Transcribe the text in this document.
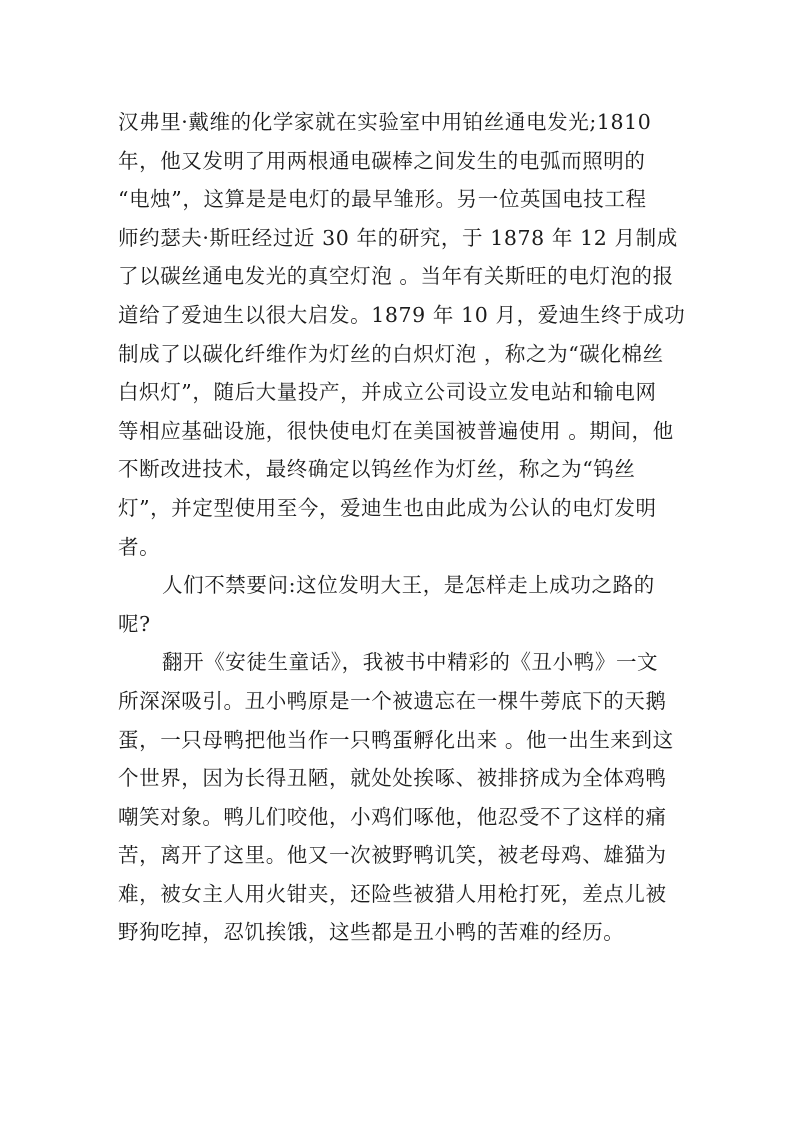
汉弗里·戴维的化学家就在实验室中用铂丝通电发光;1810
年，他又发明了用两根通电碳棒之间发生的电弧而照明的
“电烛”，这算是是电灯的最早雏形。另一位英国电技工程
师约瑟夫·斯旺经过近 30 年的研究，于 1878 年 12 月制成
了以碳丝通电发光的真空灯泡 。当年有关斯旺的电灯泡的报
道给了爱迪生以很大启发。1879 年 10 月，爱迪生终于成功
制成了以碳化纤维作为灯丝的白炽灯泡 ，称之为“碳化棉丝
白炽灯”，随后大量投产，并成立公司设立发电站和输电网
等相应基础设施，很快使电灯在美国被普遍使用 。期间，他
不断改进技术，最终确定以钨丝作为灯丝，称之为“钨丝
灯”，并定型使用至今，爱迪生也由此成为公认的电灯发明
者。
人们不禁要问:这位发明大王，是怎样走上成功之路的
呢?
翻开《安徒生童话》，我被书中精彩的《丑小鸭》一文
所深深吸引。丑小鸭原是一个被遗忘在一棵牛蒡底下的天鹅
蛋，一只母鸭把他当作一只鸭蛋孵化出来 。他一出生来到这
个世界，因为长得丑陋，就处处挨啄、被排挤成为全体鸡鸭
嘲笑对象。鸭儿们咬他，小鸡们啄他，他忍受不了这样的痛
苦，离开了这里。他又一次被野鸭讥笑，被老母鸡、雄猫为
难，被女主人用火钳夹，还险些被猎人用枪打死，差点儿被
野狗吃掉，忍饥挨饿，这些都是丑小鸭的苦难的经历。
